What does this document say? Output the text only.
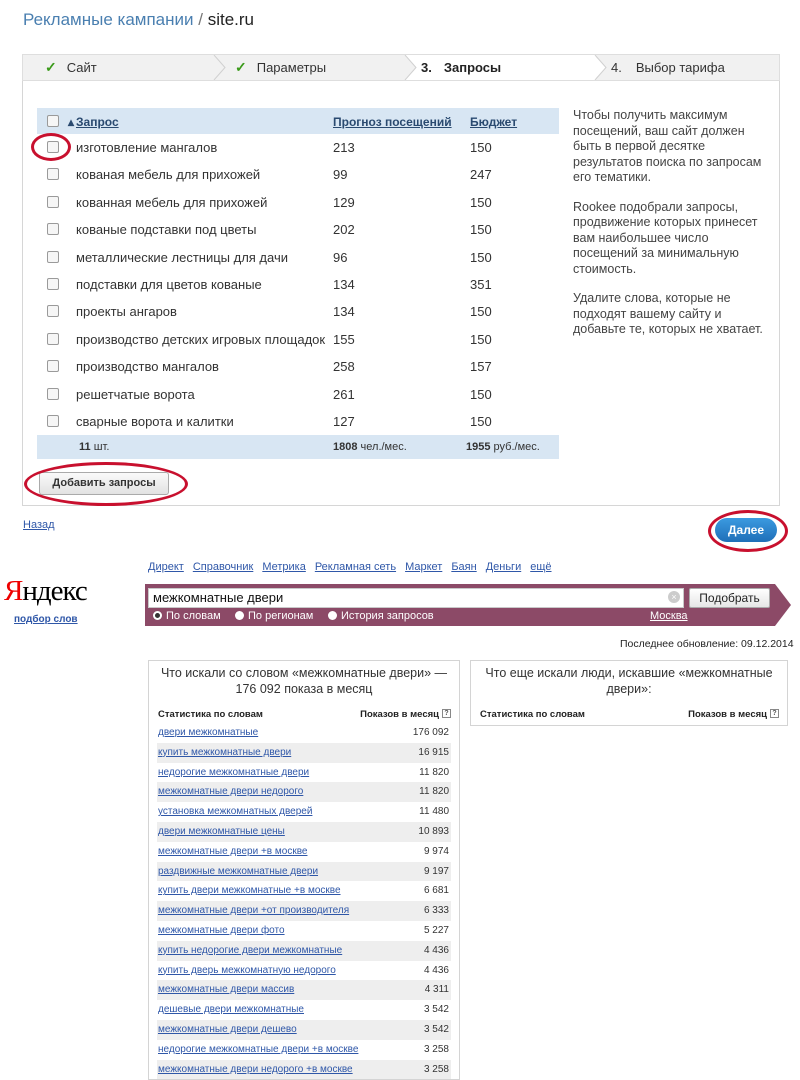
Рекламные кампании / site.ru
✓ Сайт	✓ Параметры	3. Запросы	4. Выбор тарифа
▴ Запрос	Прогноз посещений Бюджет
изготовление мангалов	213	150
кованая мебель для прихожей	99	247
кованная мебель для прихожей	129	150
кованые подставки под цветы	202	150
металлические лестницы для дачи	96	150
подставки для цветов кованые	134	351
проекты ангаров	134	150
производство детских игровых площадок 155	150
производство мангалов	258	157
решетчатые ворота	261	150
сварные ворота и калитки	127	150
11 шт.	1808 чел./мес.	1955 руб./мес.

Чтобы получить максимум посещений, ваш сайт должен быть в первой десятке результатов поиска по запросам его тематики.

Rookee подобрали запросы, продвижение которых принесет вам наибольшее число посещений за минимальную стоимость.

Удалите слова, которые не подходят вашему сайту и добавьте те, которых не хватает.

Добавить запросы
Назад	Далее
Директ Справочник Метрика Рекламная сеть Маркет Баян Деньги ещё
Яндекс
подбор слов
межкомнатные двери	×	Подобрать
По словам	По регионам	История запросов	Москва
Последнее обновление: 09.12.2014
Что искали со словом «межкомнатные двери» — 176 092 показа в месяц
Статистика по словам	Показов в месяц ?
двери межкомнатные	176 092
купить межкомнатные двери	16 915
недорогие межкомнатные двери	11 820
межкомнатные двери недорого	11 820
установка межкомнатных дверей	11 480
двери межкомнатные цены	10 893
межкомнатные двери +в москве	9 974
раздвижные межкомнатные двери	9 197
купить двери межкомнатные +в москве	6 681
межкомнатные двери +от производителя	6 333
межкомнатные двери фото	5 227
купить недорогие двери межкомнатные	4 436
купить дверь межкомнатную недорого	4 436
межкомнатные двери массив	4 311
дешевые двери межкомнатные	3 542
межкомнатные двери дешево	3 542
недорогие межкомнатные двери +в москве	3 258
межкомнатные двери недорого +в москве	3 258
Что еще искали люди, искавшие «межкомнатные двери»:
Статистика по словам	Показов в месяц ?
